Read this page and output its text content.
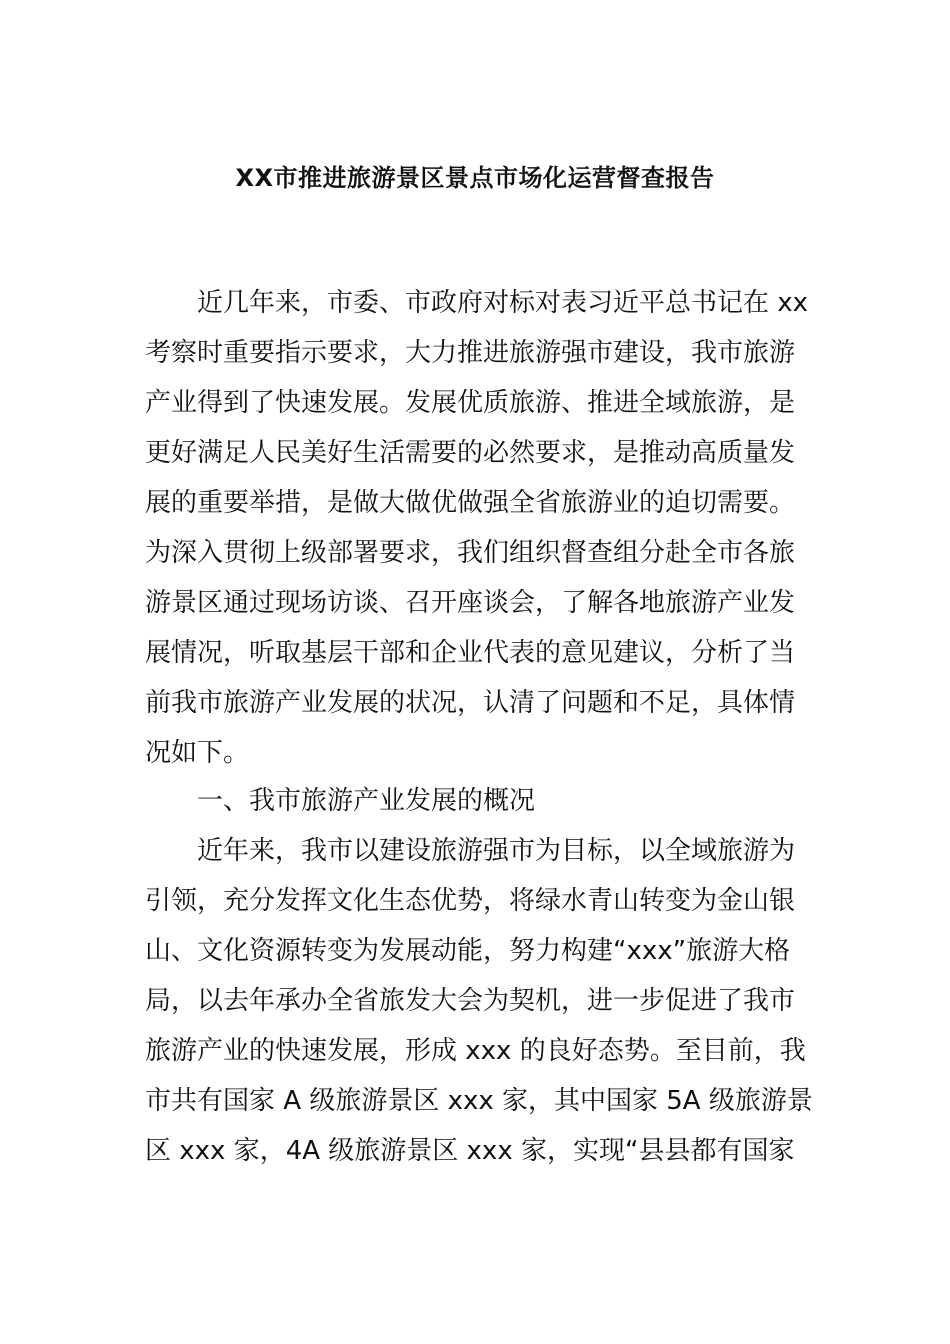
XX市推进旅游景区景点市场化运营督查报告

近几年来，市委、市政府对标对表习近平总书记在 xx

考察时重要指示要求，大力推进旅游强市建设，我市旅游

产业得到了快速发展。发展优质旅游、推进全域旅游，是

更好满足人民美好生活需要的必然要求，是推动高质量发

展的重要举措，是做大做优做强全省旅游业的迫切需要。

为深入贯彻上级部署要求，我们组织督查组分赴全市各旅

游景区通过现场访谈、召开座谈会，了解各地旅游产业发

展情况，听取基层干部和企业代表的意见建议，分析了当

前我市旅游产业发展的状况，认清了问题和不足，具体情

况如下。

一、我市旅游产业发展的概况

近年来，我市以建设旅游强市为目标，以全域旅游为

引领，充分发挥文化生态优势，将绿水青山转变为金山银

山、文化资源转变为发展动能，努力构建“xxx”旅游大格

局，以去年承办全省旅发大会为契机，进一步促进了我市

旅游产业的快速发展，形成 xxx 的良好态势。至目前，我

市共有国家 A 级旅游景区 xxx 家，其中国家 5A 级旅游景

区 xxx 家，4A 级旅游景区 xxx 家，实现“县县都有国家
